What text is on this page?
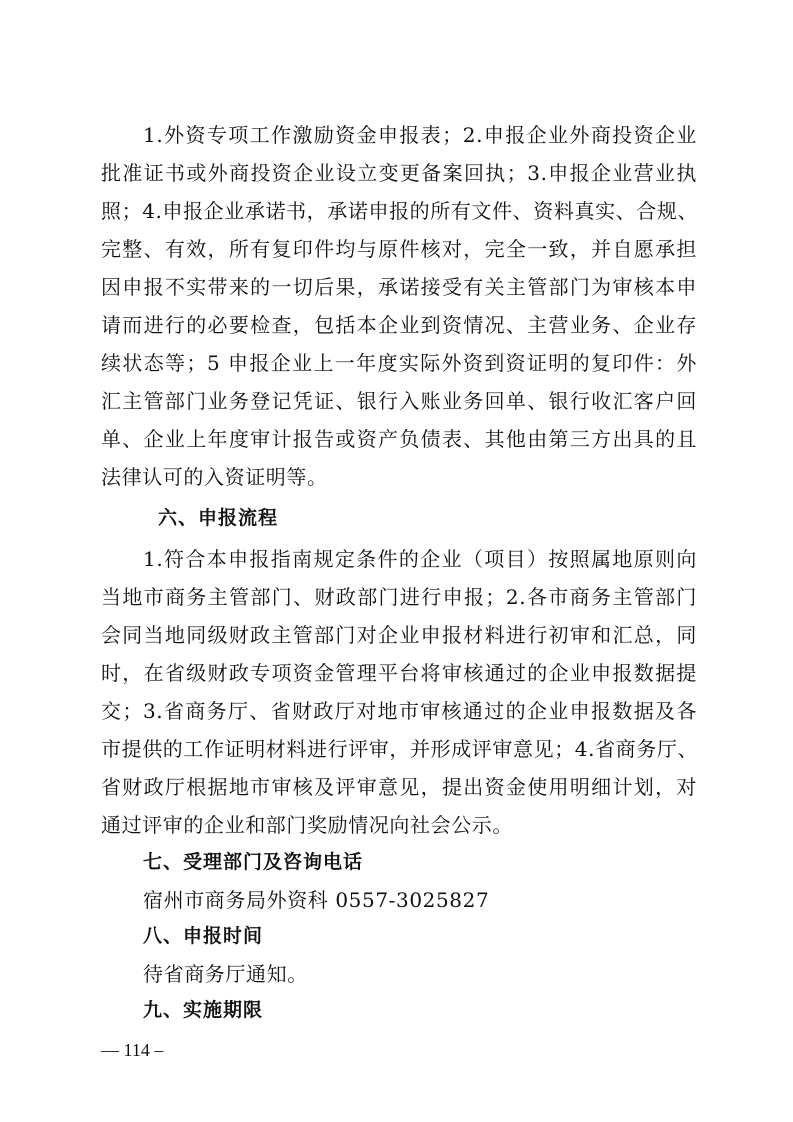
1.外资专项工作激励资金申报表；2.申报企业外商投资企业
批准证书或外商投资企业设立变更备案回执；3.申报企业营业执
照；4.申报企业承诺书，承诺申报的所有文件、资料真实、合规、
完整、有效，所有复印件均与原件核对，完全一致，并自愿承担
因申报不实带来的一切后果，承诺接受有关主管部门为审核本申
请而进行的必要检查，包括本企业到资情况、主营业务、企业存
续状态等；5 申报企业上一年度实际外资到资证明的复印件：外
汇主管部门业务登记凭证、银行入账业务回单、银行收汇客户回
单、企业上年度审计报告或资产负债表、其他由第三方出具的且
法律认可的入资证明等。
六、申报流程
1.符合本申报指南规定条件的企业（项目）按照属地原则向
当地市商务主管部门、财政部门进行申报；2.各市商务主管部门
会同当地同级财政主管部门对企业申报材料进行初审和汇总，同
时，在省级财政专项资金管理平台将审核通过的企业申报数据提
交；3.省商务厅、省财政厅对地市审核通过的企业申报数据及各
市提供的工作证明材料进行评审，并形成评审意见；4.省商务厅、
省财政厅根据地市审核及评审意见，提出资金使用明细计划，对
通过评审的企业和部门奖励情况向社会公示。
七、受理部门及咨询电话
宿州市商务局外资科 0557-3025827
八、申报时间
待省商务厅通知。
九、实施期限
— 114 –
